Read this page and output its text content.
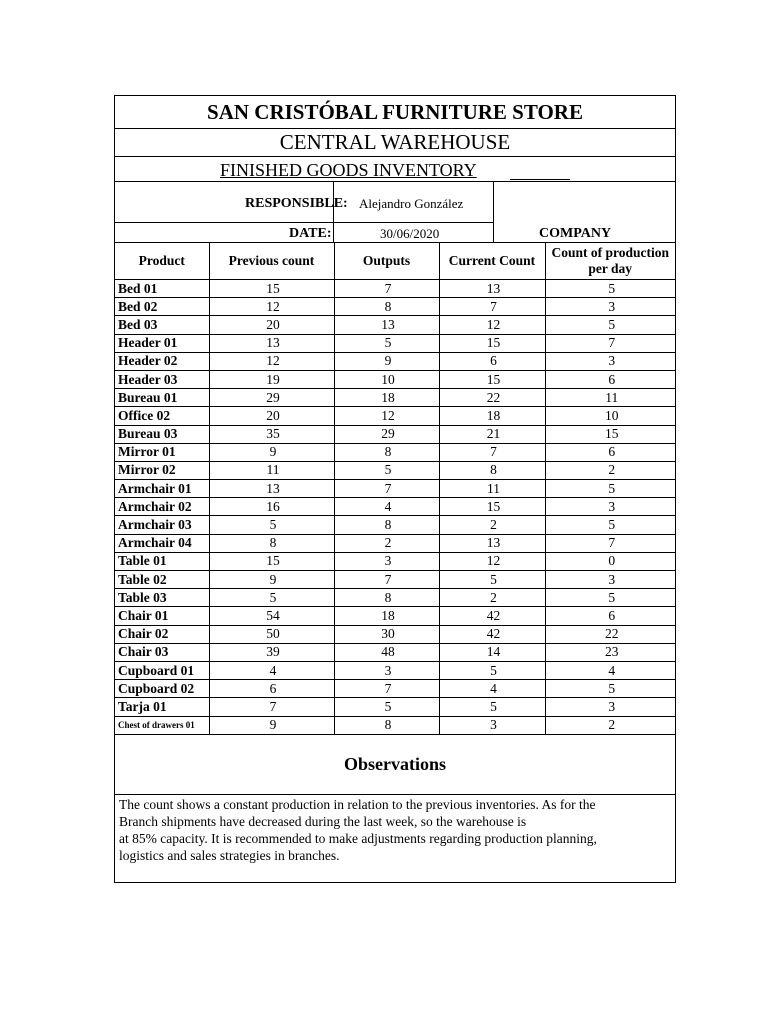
SAN CRISTÓBAL FURNITURE STORE
CENTRAL WAREHOUSE
FINISHED GOODS INVENTORY
RESPONSIBLE: Alejandro González
DATE:	30/06/2020	COMPANY
Product	Previous count	Outputs	Current Count	Count of production per day
Bed 01	15	7	13	5
Bed 02	12	8	7	3
Bed 03	20	13	12	5
Header 01	13	5	15	7
Header 02	12	9	6	3
Header 03	19	10	15	6
Bureau 01	29	18	22	11
Office 02	20	12	18	10
Bureau 03	35	29	21	15
Mirror 01	9	8	7	6
Mirror 02	11	5	8	2
Armchair 01	13	7	11	5
Armchair 02	16	4	15	3
Armchair 03	5	8	2	5
Armchair 04	8	2	13	7
Table 01	15	3	12	0
Table 02	9	7	5	3
Table 03	5	8	2	5
Chair 01	54	18	42	6
Chair 02	50	30	42	22
Chair 03	39	48	14	23
Cupboard 01	4	3	5	4
Cupboard 02	6	7	4	5
Tarja 01	7	5	5	3
Chest of drawers 01	9	8	3	2
Observations
The count shows a constant production in relation to the previous inventories. As for the
Branch shipments have decreased during the last week, so the warehouse is
at 85% capacity. It is recommended to make adjustments regarding production planning,
logistics and sales strategies in branches.
